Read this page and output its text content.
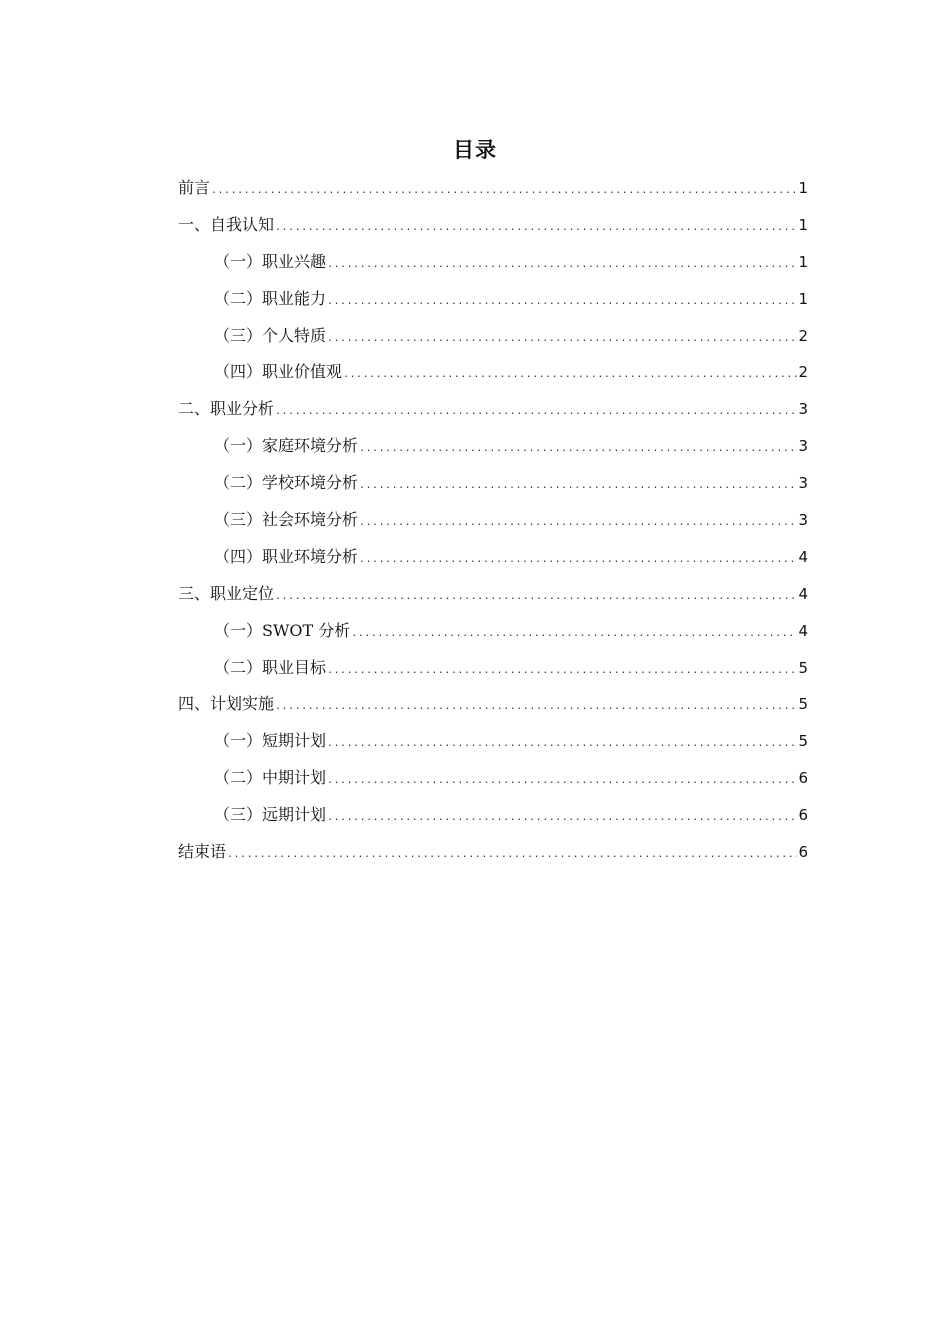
目录
前言 .....	1
一、自我认知 .....	1
（一）职业兴趣 .....	1
（二）职业能力 .....	1
（三）个人特质 .....	2
（四）职业价值观 .....	2
二、职业分析 .....	3
（一）家庭环境分析 .....	3
（二）学校环境分析 .....	3
（三）社会环境分析 .....	3
（四）职业环境分析 .....	4
三、职业定位 .....	4
（一）SWOT 分析 .....	4
（二）职业目标 .....	5
四、计划实施 .....	5
（一）短期计划 .....	5
（二）中期计划 .....	6
（三）远期计划 .....	6
结束语 .....	6
